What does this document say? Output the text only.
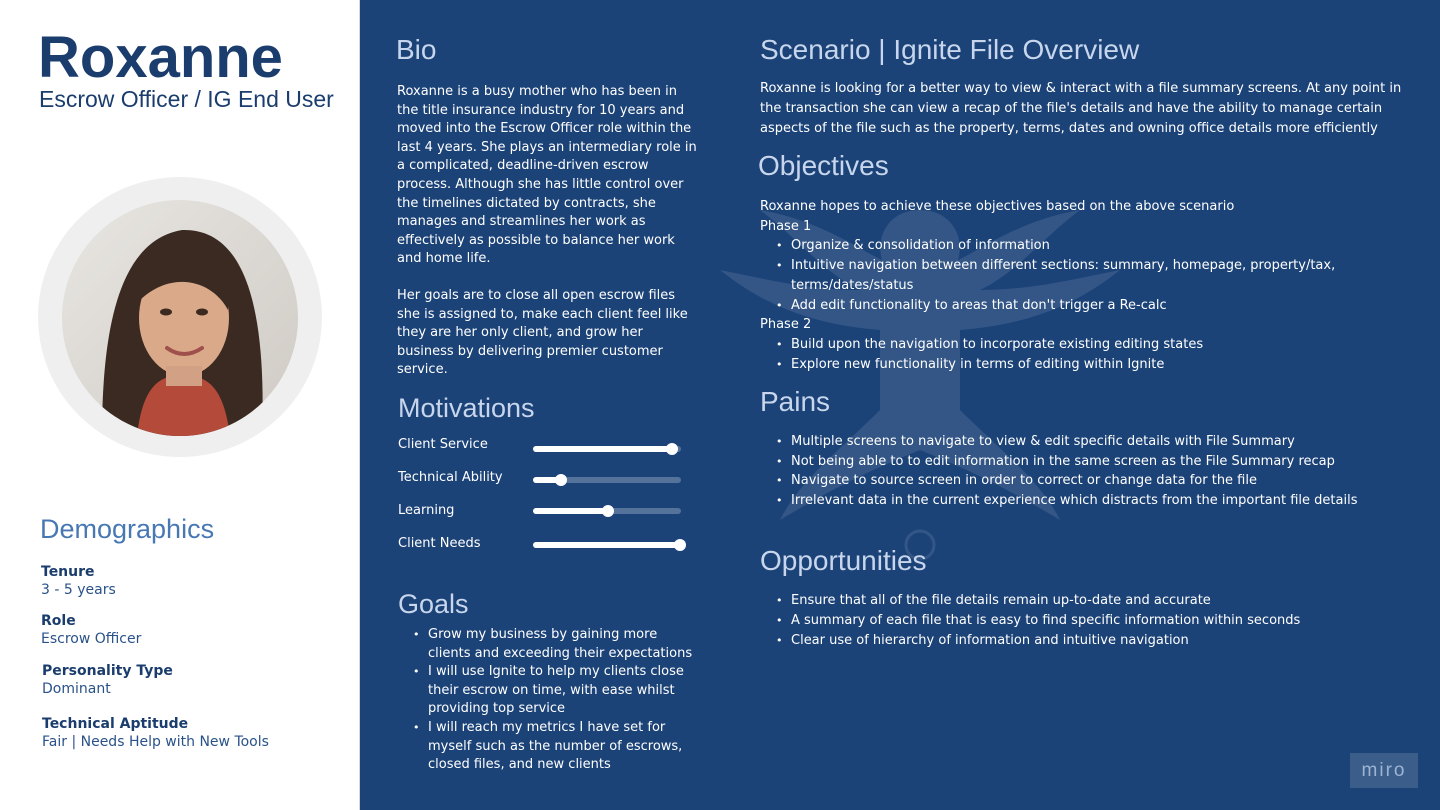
Roxanne
Escrow Officer / IG End User
Demographics
Tenure
3 - 5 years
Role
Escrow Officer
Personality Type
Dominant
Technical Aptitude
Fair | Needs Help with New Tools
Bio
Roxanne is a busy mother who has been in
the title insurance industry for 10 years and
moved into the Escrow Officer role within the
last 4 years. She plays an intermediary role in
a complicated, deadline-driven escrow
process. Although she has little control over
the timelines dictated by contracts, she
manages and streamlines her work as
effectively as possible to balance her work
and home life.
Her goals are to close all open escrow files
she is assigned to, make each client feel like
they are her only client, and grow her
business by delivering premier customer
service.
Motivations
Client Service
Technical Ability
Learning
Client Needs
Goals
• Grow my business by gaining more
clients and exceeding their expectations
• I will use Ignite to help my clients close
their escrow on time, with ease whilst
providing top service
• I will reach my metrics I have set for
myself such as the number of escrows,
closed files, and new clients
Scenario | Ignite File Overview
Roxanne is looking for a better way to view & interact with a file summary screens. At any point in
the transaction she can view a recap of the file's details and have the ability to manage certain
aspects of the file such as the property, terms, dates and owning office details more efficiently
Objectives
Roxanne hopes to achieve these objectives based on the above scenario
Phase 1
• Organize & consolidation of information
• Intuitive navigation between different sections: summary, homepage, property/tax, terms/dates/status
• Add edit functionality to areas that don't trigger a Re-calc
Phase 2
• Build upon the navigation to incorporate existing editing states
• Explore new functionality in terms of editing within Ignite
Pains
• Multiple screens to navigate to view & edit specific details with File Summary
• Not being able to to edit information in the same screen as the File Summary recap
• Navigate to source screen in order to correct or change data for the file
• Irrelevant data in the current experience which distracts from the important file details
Opportunities
• Ensure that all of the file details remain up-to-date and accurate
• A summary of each file that is easy to find specific information within seconds
• Clear use of hierarchy of information and intuitive navigation
miro
